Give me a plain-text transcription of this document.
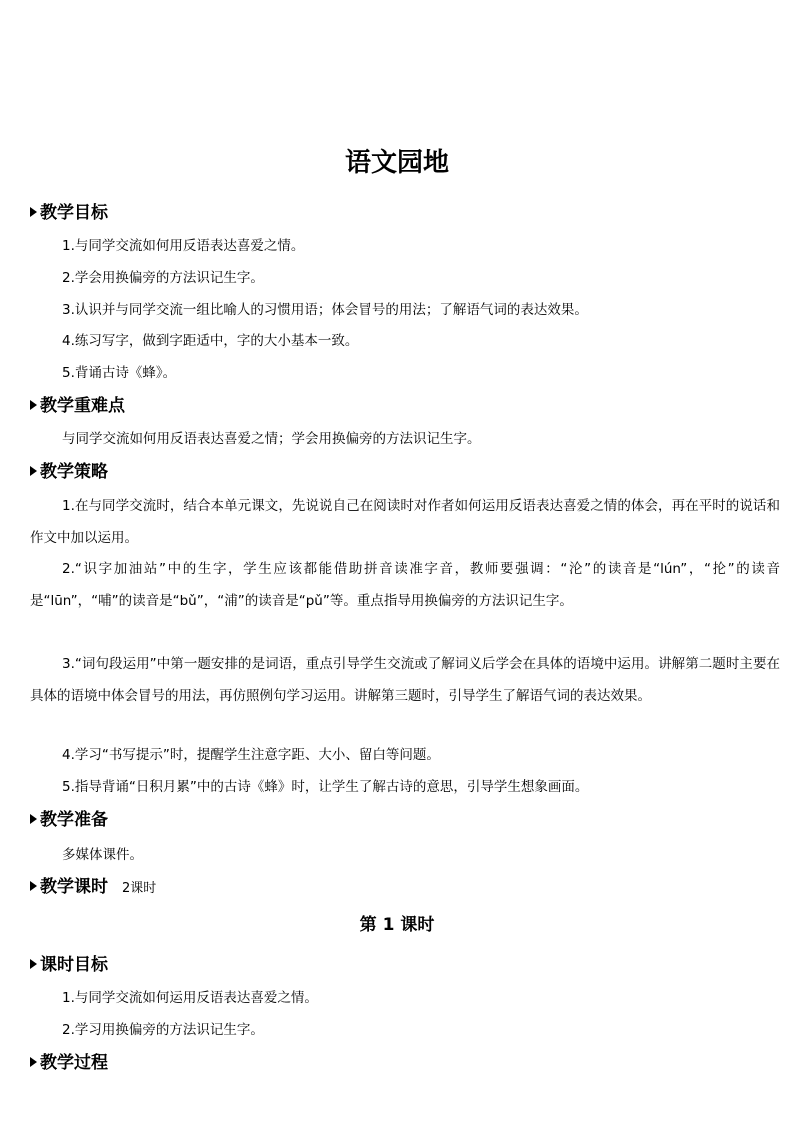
语文园地
教学目标
1.与同学交流如何用反语表达喜爱之情。
2.学会用换偏旁的方法识记生字。
3.认识并与同学交流一组比喻人的习惯用语；体会冒号的用法；了解语气词的表达效果。
4.练习写字，做到字距适中，字的大小基本一致。
5.背诵古诗《蜂》。
教学重难点
与同学交流如何用反语表达喜爱之情；学会用换偏旁的方法识记生字。
教学策略
1.在与同学交流时，结合本单元课文，先说说自己在阅读时对作者如何运用反语表达喜爱之情的体会，再在平时的说话和作文中加以运用。
2.“识字加油站”中的生字，学生应该都能借助拼音读准字音，教师要强调：“沦”的读音是“lún”，“抡”的读音是“lūn”，“哺”的读音是“bǔ”，“浦”的读音是“pǔ”等。重点指导用换偏旁的方法识记生字。
3.“词句段运用”中第一题安排的是词语，重点引导学生交流或了解词义后学会在具体的语境中运用。讲解第二题时主要在具体的语境中体会冒号的用法，再仿照例句学习运用。讲解第三题时，引导学生了解语气词的表达效果。
4.学习“书写提示”时，提醒学生注意字距、大小、留白等问题。
5.指导背诵“日积月累”中的古诗《蜂》时，让学生了解古诗的意思，引导学生想象画面。
教学准备
多媒体课件。
教学课时 2课时
第 1 课时
课时目标
1.与同学交流如何运用反语表达喜爱之情。
2.学习用换偏旁的方法识记生字。
教学过程
